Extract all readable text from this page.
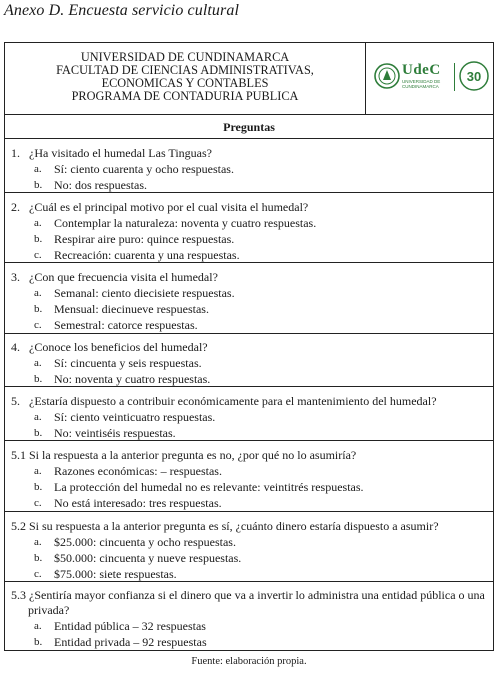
Anexo D. Encuesta servicio cultural
UNIVERSIDAD DE CUNDINAMARCA
FACULTAD DE CIENCIAS ADMINISTRATIVAS,
ECONOMICAS Y CONTABLES
PROGRAMA DE CONTADURIA PUBLICA
UdeC
UNIVERSIDAD DE
CUNDINAMARCA
30
Preguntas
1. ¿Ha visitado el humedal Las Tinguas?
a. Sí: ciento cuarenta y ocho respuestas.
b. No: dos respuestas.
2. ¿Cuál es el principal motivo por el cual visita el humedal?
a. Contemplar la naturaleza: noventa y cuatro respuestas.
b. Respirar aire puro: quince respuestas.
c. Recreación: cuarenta y una respuestas.
3. ¿Con que frecuencia visita el humedal?
a. Semanal: ciento diecisiete respuestas.
b. Mensual: diecinueve respuestas.
c. Semestral: catorce respuestas.
4. ¿Conoce los beneficios del humedal?
a. Sí: cincuenta y seis respuestas.
b. No: noventa y cuatro respuestas.
5. ¿Estaría dispuesto a contribuir económicamente para el mantenimiento del humedal?
a. Sí: ciento veinticuatro respuestas.
b. No: veintiséis respuestas.
5.1 Si la respuesta a la anterior pregunta es no, ¿por qué no lo asumiría?
a. Razones económicas: – respuestas.
b. La protección del humedal no es relevante: veintitrés respuestas.
c. No está interesado: tres respuestas.
5.2 Si su respuesta a la anterior pregunta es sí, ¿cuánto dinero estaría dispuesto a asumir?
a. $25.000: cincuenta y ocho respuestas.
b. $50.000: cincuenta y nueve respuestas.
c. $75.000: siete respuestas.
5.3 ¿Sentiría mayor confianza si el dinero que va a invertir lo administra una entidad pública o una
privada?
a. Entidad pública – 32 respuestas
b. Entidad privada – 92 respuestas
Fuente: elaboración propia.
